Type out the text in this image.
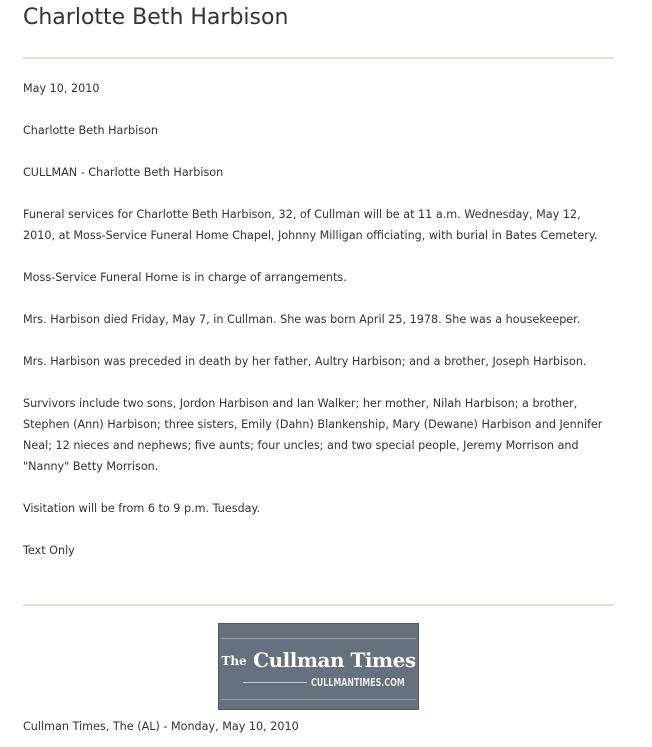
Charlotte Beth Harbison

May 10, 2010

Charlotte Beth Harbison

CULLMAN - Charlotte Beth Harbison

Funeral services for Charlotte Beth Harbison, 32, of Cullman will be at 11 a.m. Wednesday, May 12, 2010, at Moss-Service Funeral Home Chapel, Johnny Milligan officiating, with burial in Bates Cemetery.

Moss-Service Funeral Home is in charge of arrangements.

Mrs. Harbison died Friday, May 7, in Cullman. She was born April 25, 1978. She was a housekeeper.

Mrs. Harbison was preceded in death by her father, Aultry Harbison; and a brother, Joseph Harbison.

Survivors include two sons, Jordon Harbison and Ian Walker; her mother, Nilah Harbison; a brother, Stephen (Ann) Harbison; three sisters, Emily (Dahn) Blankenship, Mary (Dewane) Harbison and Jennifer Neal; 12 nieces and nephews; five aunts; four uncles; and two special people, Jeremy Morrison and "Nanny" Betty Morrison.

Visitation will be from 6 to 9 p.m. Tuesday.

Text Only

The Cullman Times
CULLMANTIMES.COM
Cullman Times, The (AL) - Monday, May 10, 2010
